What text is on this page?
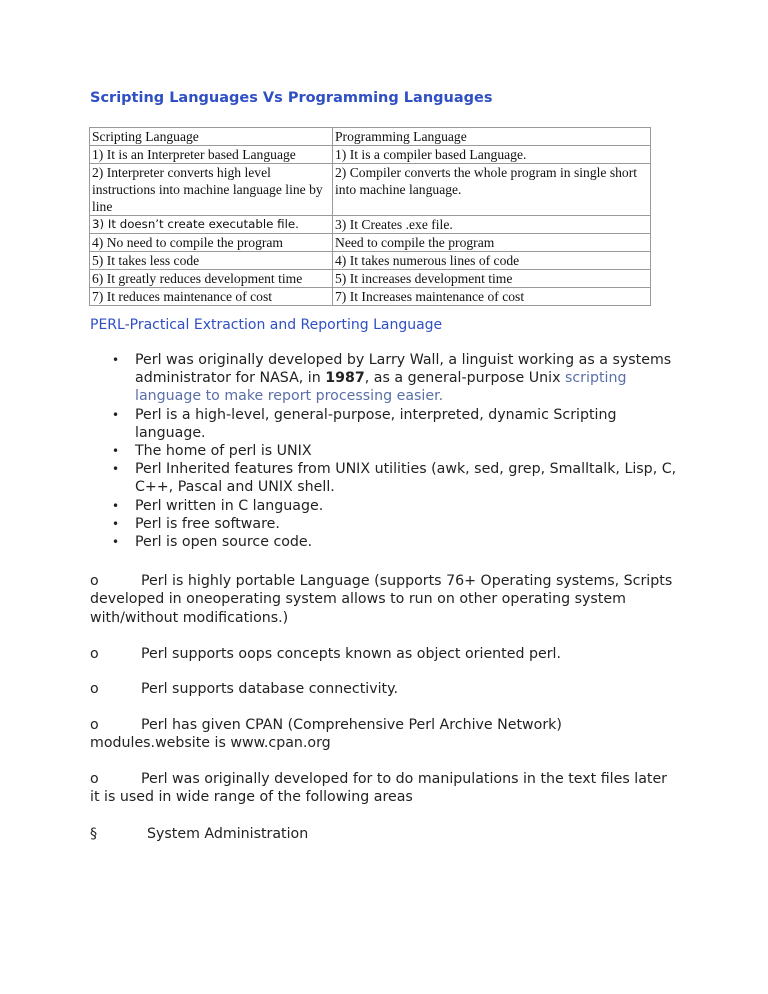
Scripting Languages Vs Programming Languages
Scripting Language	Programming Language
1) It is an Interpreter based Language	1) It is a compiler based Language.
2) Interpreter converts high level instructions into machine language line by line	2) Compiler converts the whole program in single short into machine language.
3) It doesn’t create executable file.	3) It Creates .exe file.
4) No need to compile the program	Need to compile the program
5) It takes less code	4) It takes numerous lines of code
6) It greatly reduces development time	5) It increases development time
7) It reduces maintenance of cost	7) It Increases maintenance of cost
PERL-Practical Extraction and Reporting Language
• Perl was originally developed by Larry Wall, a linguist working as a systems administrator for NASA, in 1987, as a general-purpose Unix scripting language to make report processing easier.
• Perl is a high-level, general-purpose, interpreted, dynamic Scripting language.
• The home of perl is UNIX
• Perl Inherited features from UNIX utilities (awk, sed, grep, Smalltalk, Lisp, C, C++, Pascal and UNIX shell.
• Perl written in C language.
• Perl is free software.
• Perl is open source code.
o	Perl is highly portable Language (supports 76+ Operating systems, Scripts developed in oneoperating system allows to run on other operating system with/without modifications.)
o	Perl supports oops concepts known as object oriented perl.
o	Perl supports database connectivity.
o	Perl has given CPAN (Comprehensive Perl Archive Network) modules.website is www.cpan.org
o	Perl was originally developed for to do manipulations in the text files later it is used in wide range of the following areas
§	System Administration
